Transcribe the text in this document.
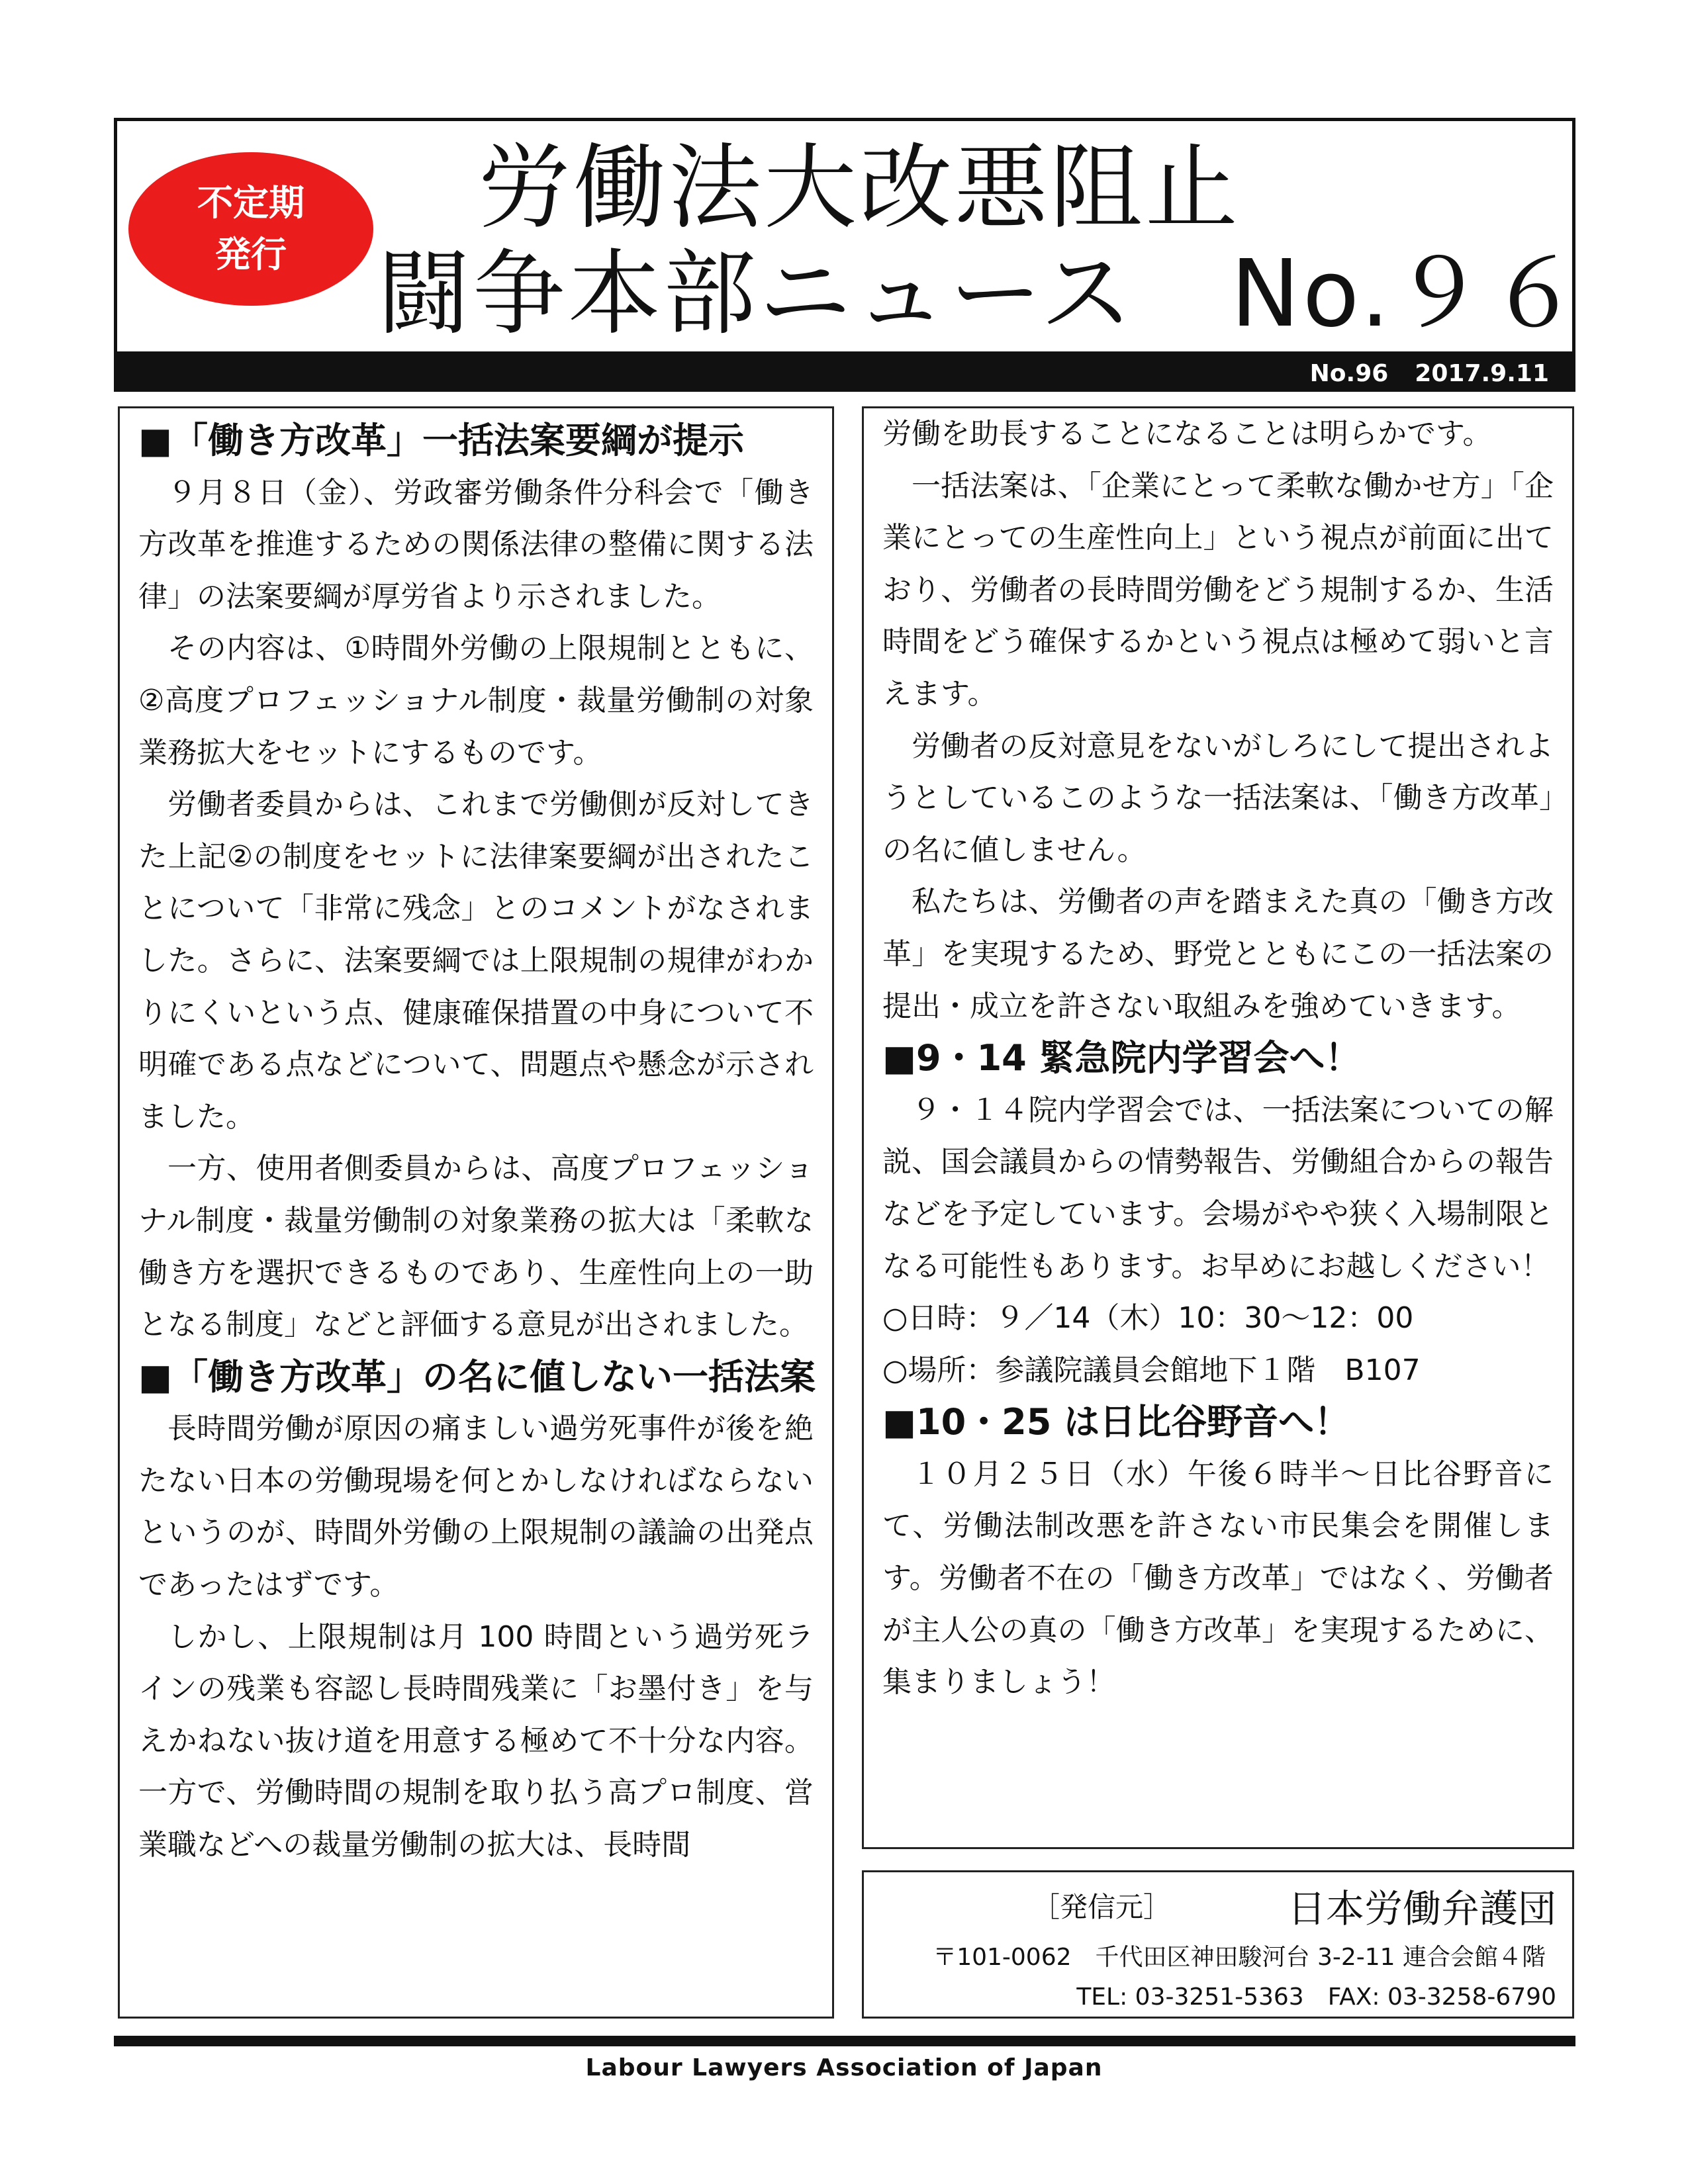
不定期
発行
労働法大改悪阻止
闘争本部ニュース　No.９６
No.96 2017.9.11
■「働き方改革」一括法案要綱が提示

９月８日（金）、労政審労働条件分科会で「働き方改革を推進するための関係法律の整備に関する法律」の法案要綱が厚労省より示されました。

その内容は、①時間外労働の上限規制とともに、②高度プロフェッショナル制度・裁量労働制の対象業務拡大をセットにするものです。

労働者委員からは、これまで労働側が反対してきた上記②の制度をセットに法律案要綱が出されたことについて「非常に残念」とのコメントがなされました。さらに、法案要綱では上限規制の規律がわかりにくいという点、健康確保措置の中身について不明確である点などについて、問題点や懸念が示されました。

一方、使用者側委員からは、高度プロフェッショナル制度・裁量労働制の対象業務の拡大は「柔軟な働き方を選択できるものであり、生産性向上の一助となる制度」などと評価する意見が出されました。

■「働き方改革」の名に値しない一括法案

長時間労働が原因の痛ましい過労死事件が後を絶たない日本の労働現場を何とかしなければならないというのが、時間外労働の上限規制の議論の出発点であったはずです。

しかし、上限規制は月 100 時間という過労死ラインの残業も容認し長時間残業に「お墨付き」を与えかねない抜け道を用意する極めて不十分な内容。一方で、労働時間の規制を取り払う高プロ制度、営業職などへの裁量労働制の拡大は、長時間

労働を助長することになることは明らかです。

一括法案は、「企業にとって柔軟な働かせ方」「企業にとっての生産性向上」という視点が前面に出ており、労働者の長時間労働をどう規制するか、生活時間をどう確保するかという視点は極めて弱いと言えます。

労働者の反対意見をないがしろにして提出されようとしているこのような一括法案は、「働き方改革」の名に値しません。

私たちは、労働者の声を踏まえた真の「働き方改革」を実現するため、野党とともにこの一括法案の提出・成立を許さない取組みを強めていきます。

■9・14 緊急院内学習会へ！

９・１４院内学習会では、一括法案についての解説、国会議員からの情勢報告、労働組合からの報告などを予定しています。会場がやや狭く入場制限となる可能性もあります。お早めにお越しください！

○日時：９／14（木）10：30～12：00

○場所：参議院議員会館地下１階　B107

■10・25 は日比谷野音へ！

１０月２５日（水）午後６時半～日比谷野音にて、労働法制改悪を許さない市民集会を開催します。労働者不在の「働き方改革」ではなく、労働者が主人公の真の「働き方改革」を実現するために、集まりましょう！

［発信元］	日本労働弁護団
〒101-0062　千代田区神田駿河台 3-2-11 連合会館４階
TEL: 03-3251-5363　FAX: 03-3258-6790
Labour Lawyers Association of Japan
